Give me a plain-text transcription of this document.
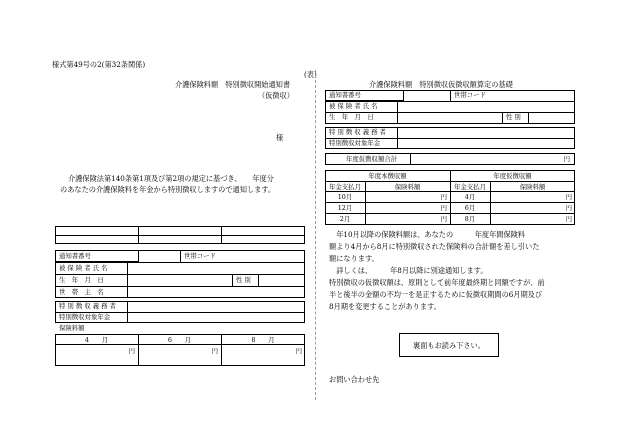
様式第49号の2(第32条関係)
(表)
介護保険料額　特別徴収開始通知書
（仮徴収）
様
介護保険法第140条第1項及び第2項の規定に基づき、　　年度分
のあなたの介護保険料を年金から特別徴収しますので通知します。
通知書番号	世帯コード
被 保 険 者 氏 名
生　年　月　日	性 別
世　帯　主　名
特 別 徴 収 義 務 者
特別徴収対象年金
保険料額
4　　月	6　　月	8　　月
円	円	円
介護保険料額　特別徴収仮徴収額算定の基礎
通知書番号	世帯コード
被 保 険 者 氏 名
生　年　月　日	性 別
特 別 徴 収 義 務 者
特別徴収対象年金
年度仮徴収額合計	円
年度本徴収額	年度仮徴収額
年金支払月	保険料額	年金支払月	保険料額
10月	円	4月	円
12月	円	6月	円
2月	円	8月	円
　年10月以降の保険料額は、あなたの　　　年度年間保険料
額より4月から8月に特別徴収された保険料の合計額を差し引いた
額になります。
　詳しくは、　　　年8月以降に別途通知します。
特別徴収の仮徴収額は、原則として前年度最終期と同額ですが、前
半と後半の金額の不均一を是正するために仮徴収期間の6月期及び
8月期を変更することがあります。
裏面もお読み下さい。
お問い合わせ先
